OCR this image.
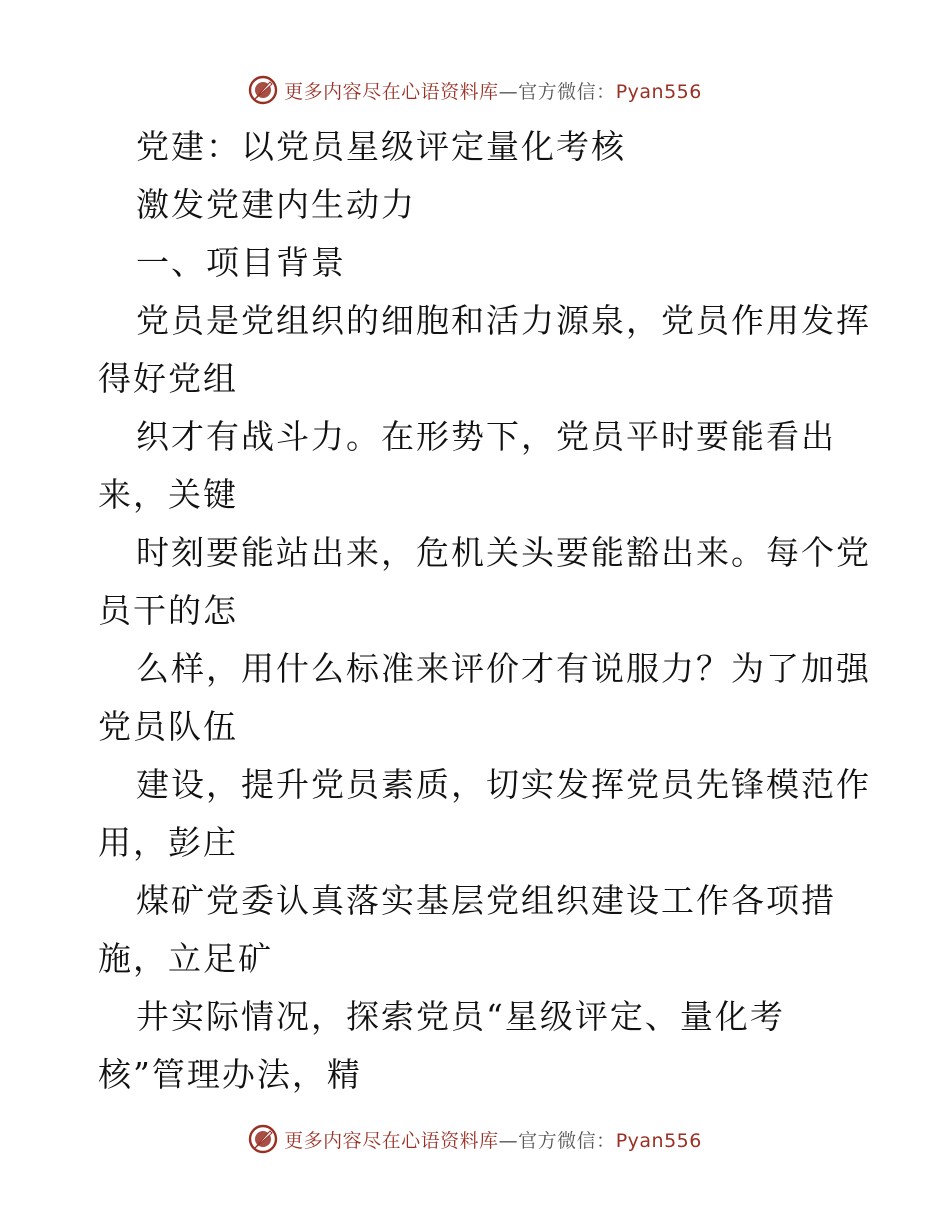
更多内容尽在心语资料库—官方微信：Pyan556
党建：以党员星级评定量化考核
激发党建内生动力
一、项目背景
党员是党组织的细胞和活力源泉，党员作用发挥
得好党组
织才有战斗力。在形势下，党员平时要能看出
来，关键
时刻要能站出来，危机关头要能豁出来。每个党
员干的怎
么样，用什么标准来评价才有说服力？为了加强
党员队伍
建设，提升党员素质，切实发挥党员先锋模范作
用，彭庄
煤矿党委认真落实基层党组织建设工作各项措
施，立足矿
井实际情况，探索党员“星级评定、量化考
核”管理办法，精
更多内容尽在心语资料库—官方微信：Pyan556
